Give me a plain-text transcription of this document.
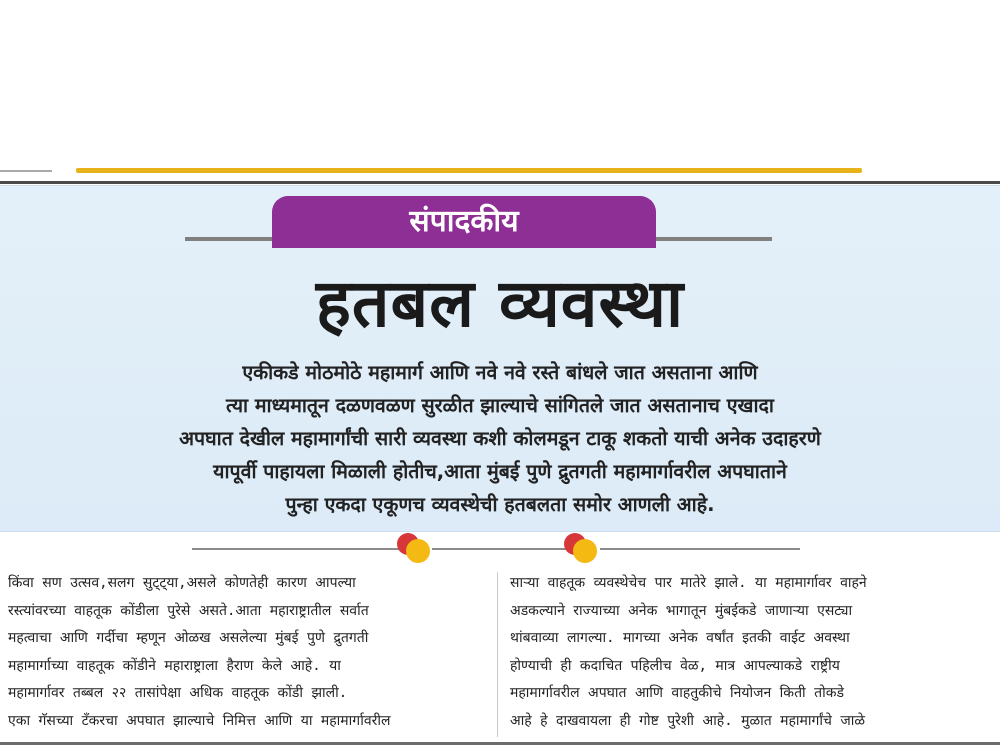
संपादकीय
हतबल व्यवस्था

एकीकडे मोठमोठे महामार्ग आणि नवे नवे रस्ते बांधले जात असताना आणि
त्या माध्यमातून दळणवळण सुरळीत झाल्याचे सांगितले जात असतानाच एखादा
अपघात देखील महामार्गांची सारी व्यवस्था कशी कोलमडून टाकू शकतो याची अनेक उदाहरणे
यापूर्वी पाहायला मिळाली होतीच,आता मुंबई पुणे द्रुतगती महामार्गावरील अपघाताने
पुन्हा एकदा एकूणच व्यवस्थेची हतबलता समोर आणली आहे.

किंवा सण उत्सव,सलग सुट्ट्या,असले कोणतेही कारण आपल्या
रस्त्यांवरच्या वाहतूक कोंडीला पुरेसे असते.आता महाराष्ट्रातील सर्वात
महत्वाचा आणि गर्दीचा म्हणून ओळख असलेल्या मुंबई पुणे द्रुतगती
महामार्गाच्या वाहतूक कोंडीने महाराष्ट्राला हैराण केले आहे. या
महामार्गावर तब्बल २२ तासांपेक्षा अधिक वाहतूक कोंडी झाली.
एका गॅसच्या टँकरचा अपघात झाल्याचे निमित्त आणि या महामार्गावरील

साऱ्या वाहतूक व्यवस्थेचेच पार मातेरे झाले. या महामार्गावर वाहने
अडकल्याने राज्याच्या अनेक भागातून मुंबईकडे जाणाऱ्या एसट्या
थांबवाव्या लागल्या. मागच्या अनेक वर्षांत इतकी वाईट अवस्था
होण्याची ही कदाचित पहिलीच वेळ, मात्र आपल्याकडे राष्ट्रीय
महामार्गावरील अपघात आणि वाहतुकीचे नियोजन किती तोकडे
आहे हे दाखवायला ही गोष्ट पुरेशी आहे. मुळात महामार्गांचे जाळे
